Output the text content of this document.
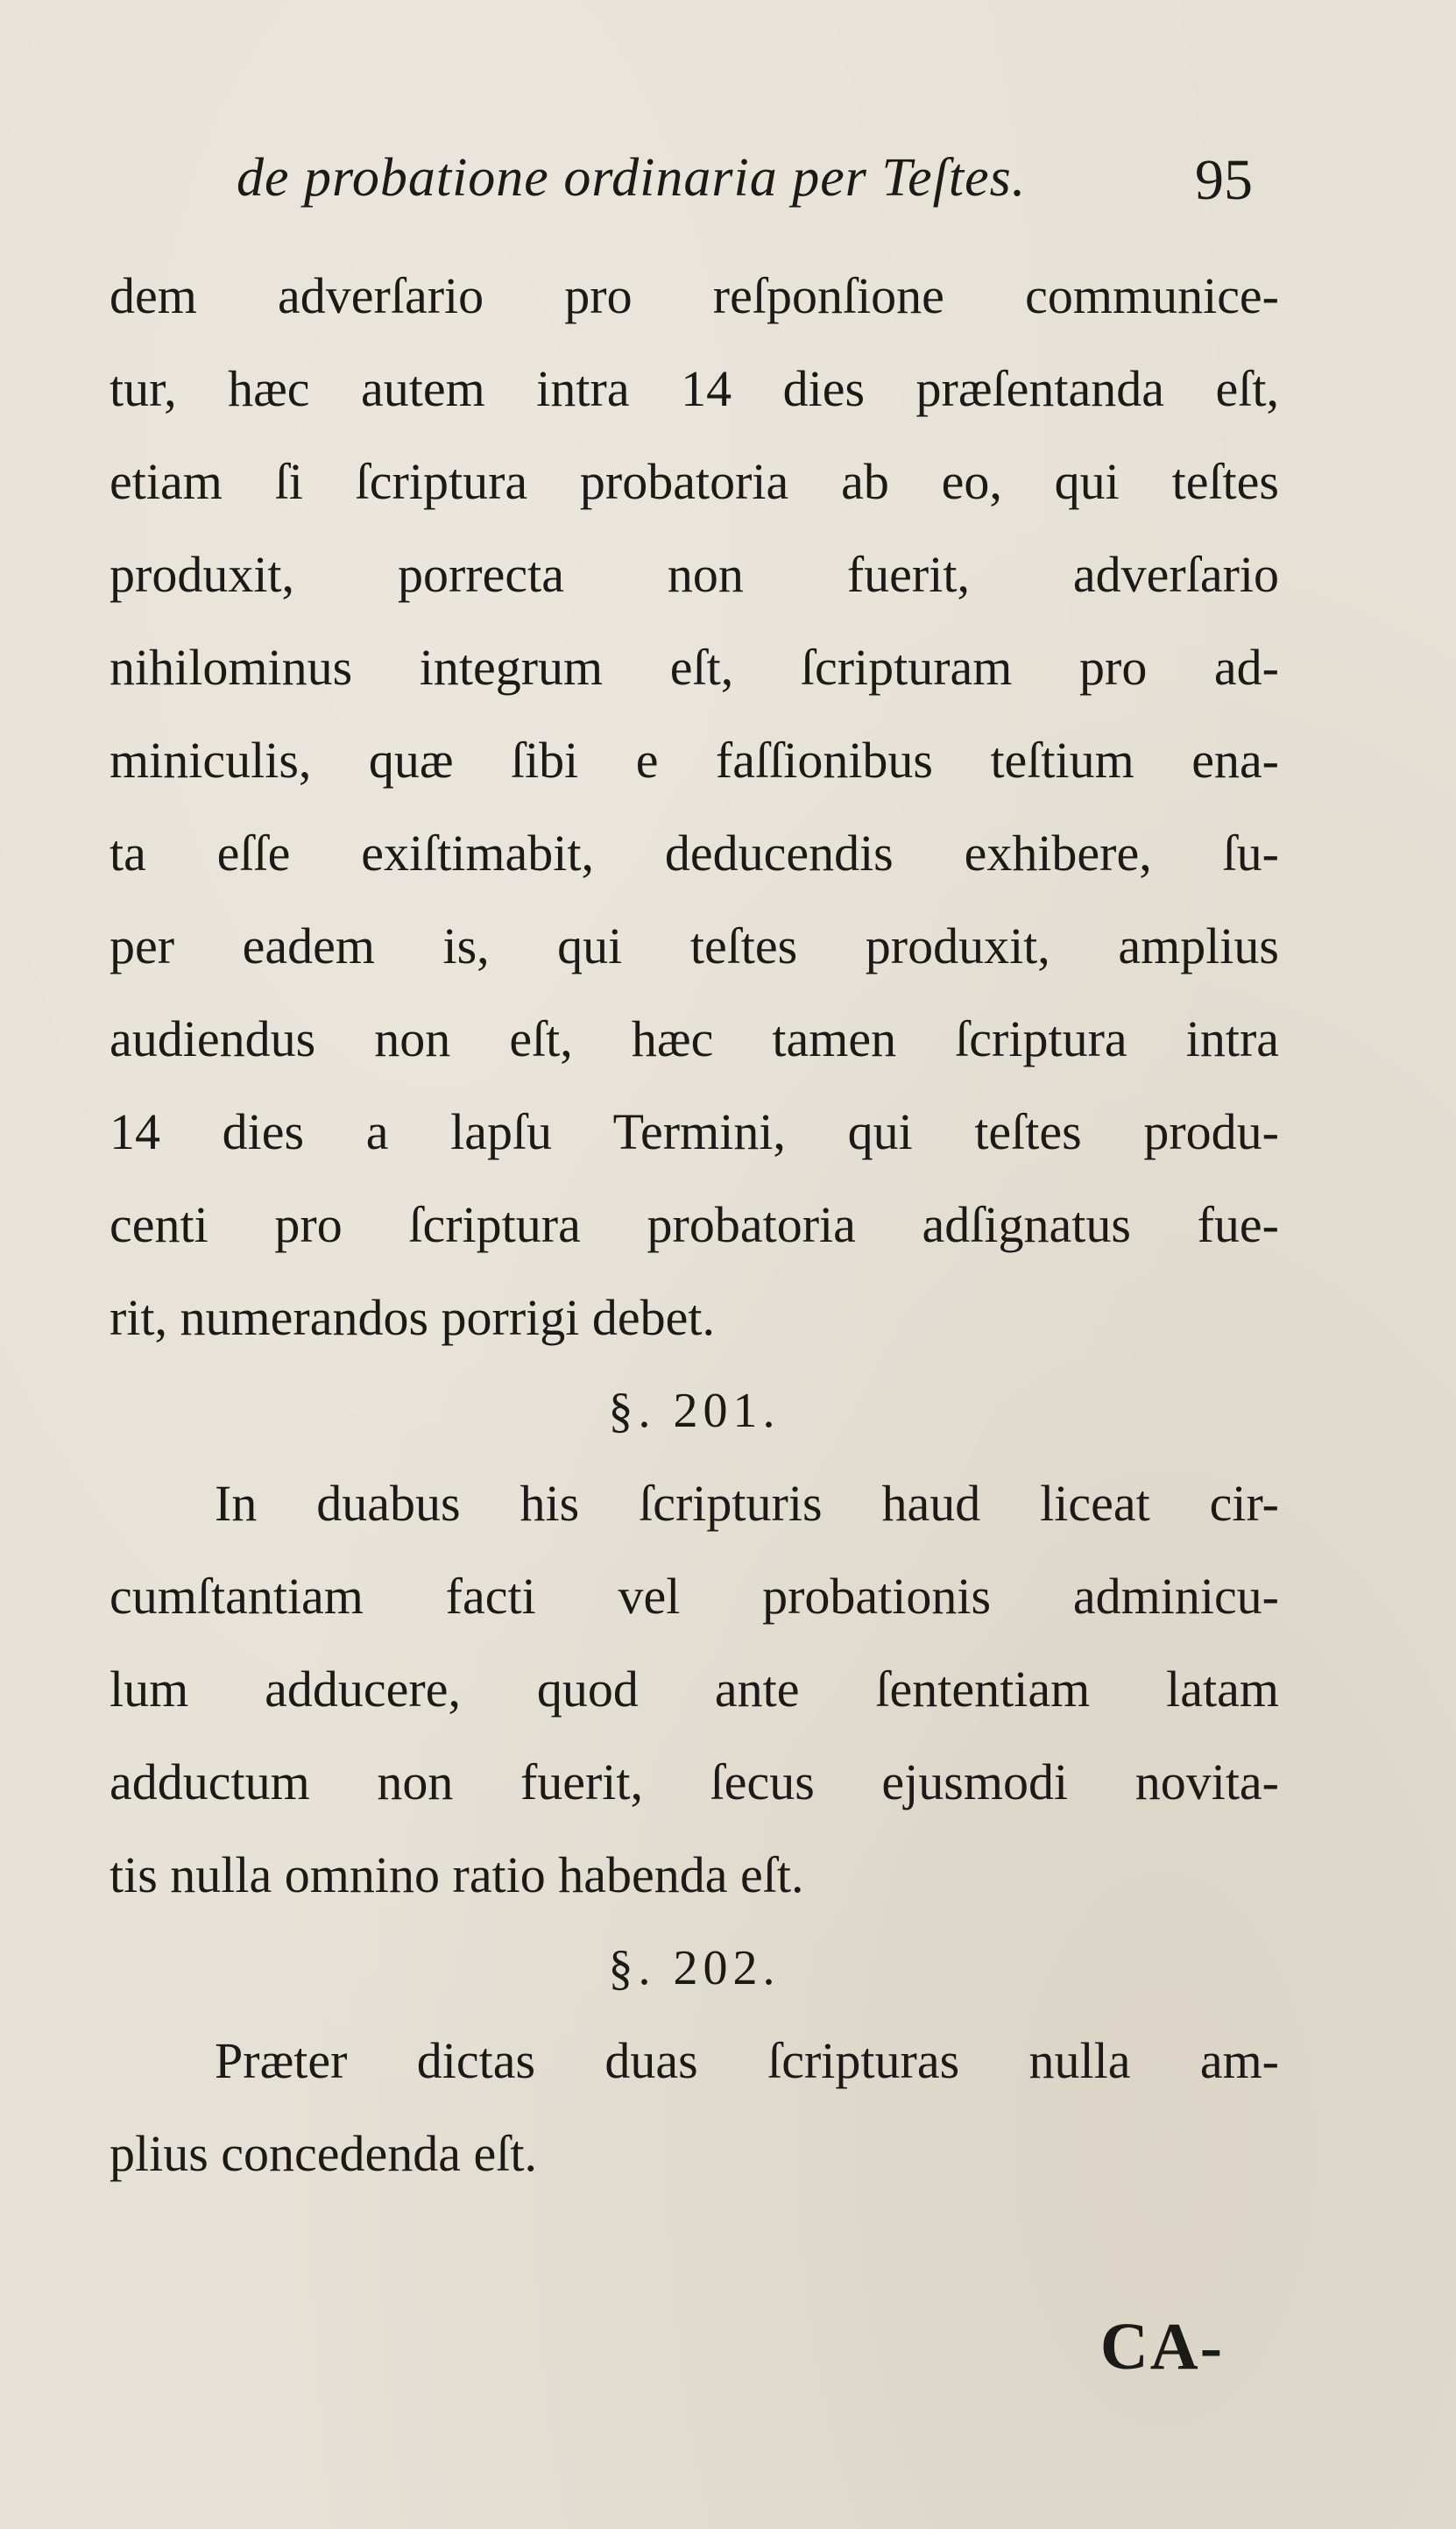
de probatione ordinaria per Teſtes.	95
dem adverſario pro reſponſione communice-
tur, hæc autem intra 14 dies præſentanda eſt,
etiam ſi ſcriptura probatoria ab eo, qui teſtes
produxit, porrecta non fuerit, adverſario
nihilominus integrum eſt, ſcripturam pro ad-
miniculis, quæ ſibi e faſſionibus teſtium ena-
ta eſſe exiſtimabit, deducendis exhibere, ſu-
per eadem is, qui teſtes produxit, amplius
audiendus non eſt, hæc tamen ſcriptura intra
14 dies a lapſu Termini, qui teſtes produ-
centi pro ſcriptura probatoria adſignatus fue-
rit, numerandos porrigi debet.
§. 201.
In duabus his ſcripturis haud liceat cir-
cumſtantiam facti vel probationis adminicu-
lum adducere, quod ante ſententiam latam
adductum non fuerit, ſecus ejusmodi novita-
tis nulla omnino ratio habenda eſt.
§. 202.
Præter dictas duas ſcripturas nulla am-
plius concedenda eſt.
CA-
